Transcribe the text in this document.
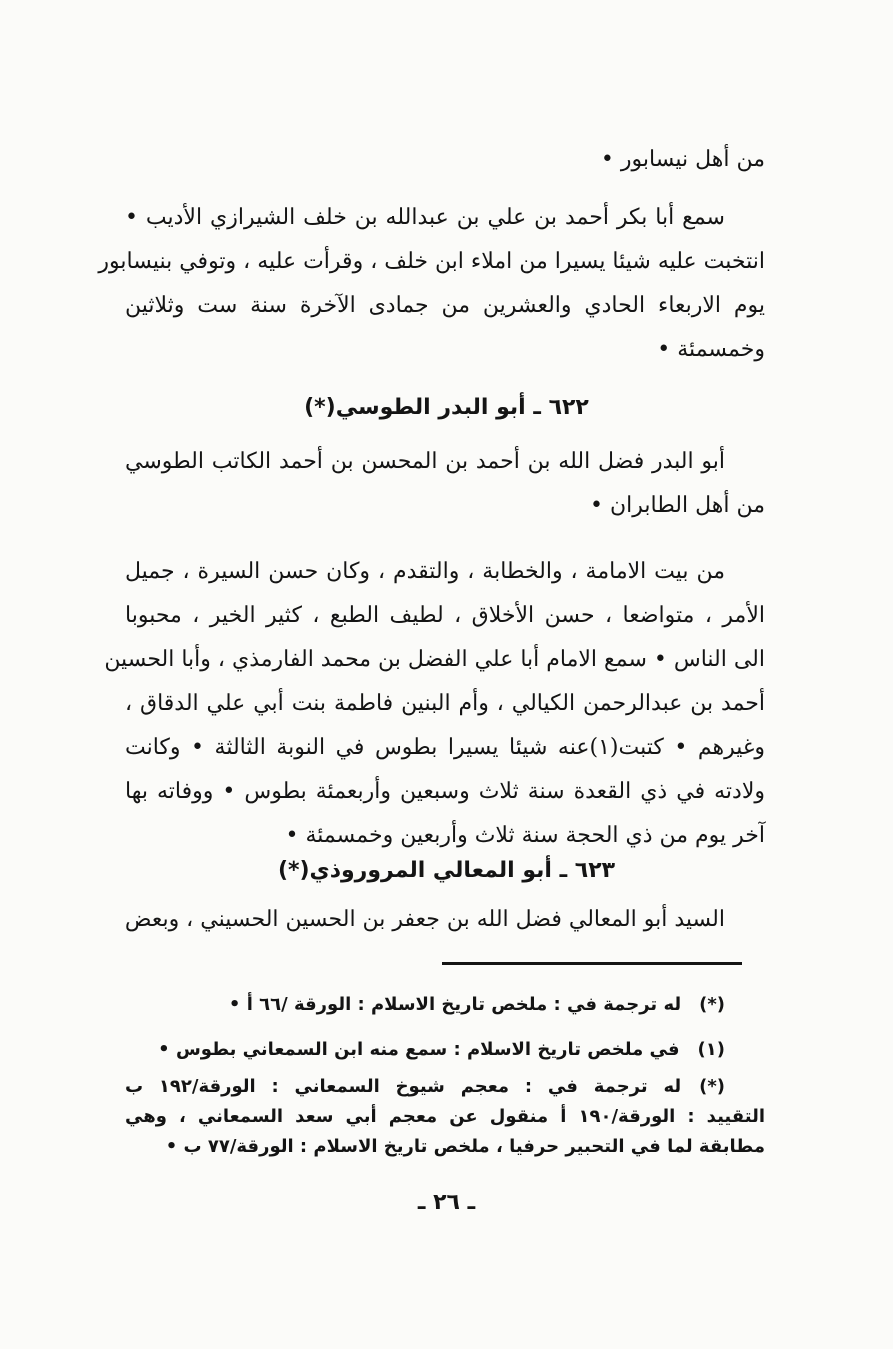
من أهل نيسابور ‫•
سمع أبا بكر أحمد بن علي بن عبدالله بن خلف الشيرازي الأديب •
انتخبت عليه شيئا يسيرا من املاء ابن خلف ، وقرأت عليه ، وتوفي بنيسابور
يوم الاربعاء الحادي والعشرين من جمادى الآخرة سنة ست وثلاثين
وخمسمئة •
٦٢٢ ـ أبو البدر الطوسي(*)
أبو البدر فضل الله بن أحمد بن المحسن بن أحمد الكاتب الطوسي
من أهل الطابران •
من بيت الامامة ، والخطابة ، والتقدم ، وكان حسن السيرة ، جميل
الأمر ، متواضعا ، حسن الأخلاق ، لطيف الطبع ، كثير الخير ، محبوبا
الى الناس • سمع الامام أبا علي الفضل بن محمد الفارمذي ، وأبا الحسين
أحمد بن عبدالرحمن الكيالي ، وأم البنين فاطمة بنت أبي علي الدقاق ،
وغيرهم • كتبت(١)عنه شيئا يسيرا بطوس في النوبة الثالثة • وكانت
ولادته في ذي القعدة سنة ثلاث وسبعين وأربعمئة بطوس • ووفاته بها
آخر يوم من ذي الحجة سنة ثلاث وأربعين وخمسمئة •
٦٢٣ ـ أبو المعالي المروروذي(*)
السيد أبو المعالي فضل الله بن جعفر بن الحسين الحسيني ، وبعض
(*)له ترجمة في : ملخص تاريخ الاسلام : الورقة /٦٦ أ •
(١)في ملخص تاريخ الاسلام : سمع منه ابن السمعاني بطوس •
(*)له ترجمة في : معجم شيوخ السمعاني : الورقة/١٩٢ ب
التقييد : الورقة/١٩٠ أ منقول عن معجم أبي سعد السمعاني ، وهي
مطابقة لما في التحبير حرفيا ، ملخص تاريخ الاسلام : الورقة/٧٧ ب •
ـ ٢٦ ـ
